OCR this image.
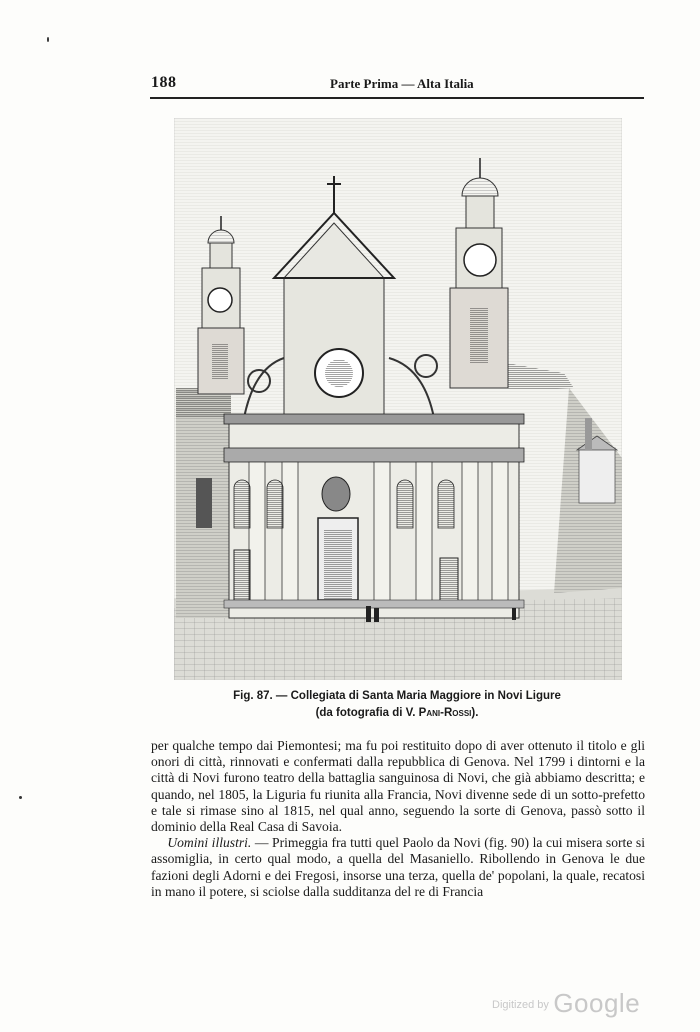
188	Parte Prima — Alta Italia
Fig. 87. — Collegiata di Santa Maria Maggiore in Novi Ligure
(da fotografia di V. Pani-Rossi).

per qualche tempo dai Piemontesi; ma fu poi restituito dopo di aver ottenuto il titolo e gli onori di città, rinnovati e confermati dalla repubblica di Genova. Nel 1799 i dintorni e la città di Novi furono teatro della battaglia sanguinosa di Novi, che già abbiamo descritta; e quando, nel 1805, la Liguria fu riunita alla Francia, Novi divenne sede di un sotto-prefetto e tale si rimase sino al 1815, nel qual anno, seguendo la sorte di Genova, passò sotto il dominio della Real Casa di Savoia.

Uomini illustri. — Primeggia fra tutti quel Paolo da Novi (fig. 90) la cui misera sorte si assomiglia, in certo qual modo, a quella del Masaniello. Ribollendo in Genova le due fazioni degli Adorni e dei Fregosi, insorse una terza, quella de' popolani, la quale, recatosi in mano il potere, si sciolse dalla sudditanza del re di Francia

$^{Digitized by}$ Google
